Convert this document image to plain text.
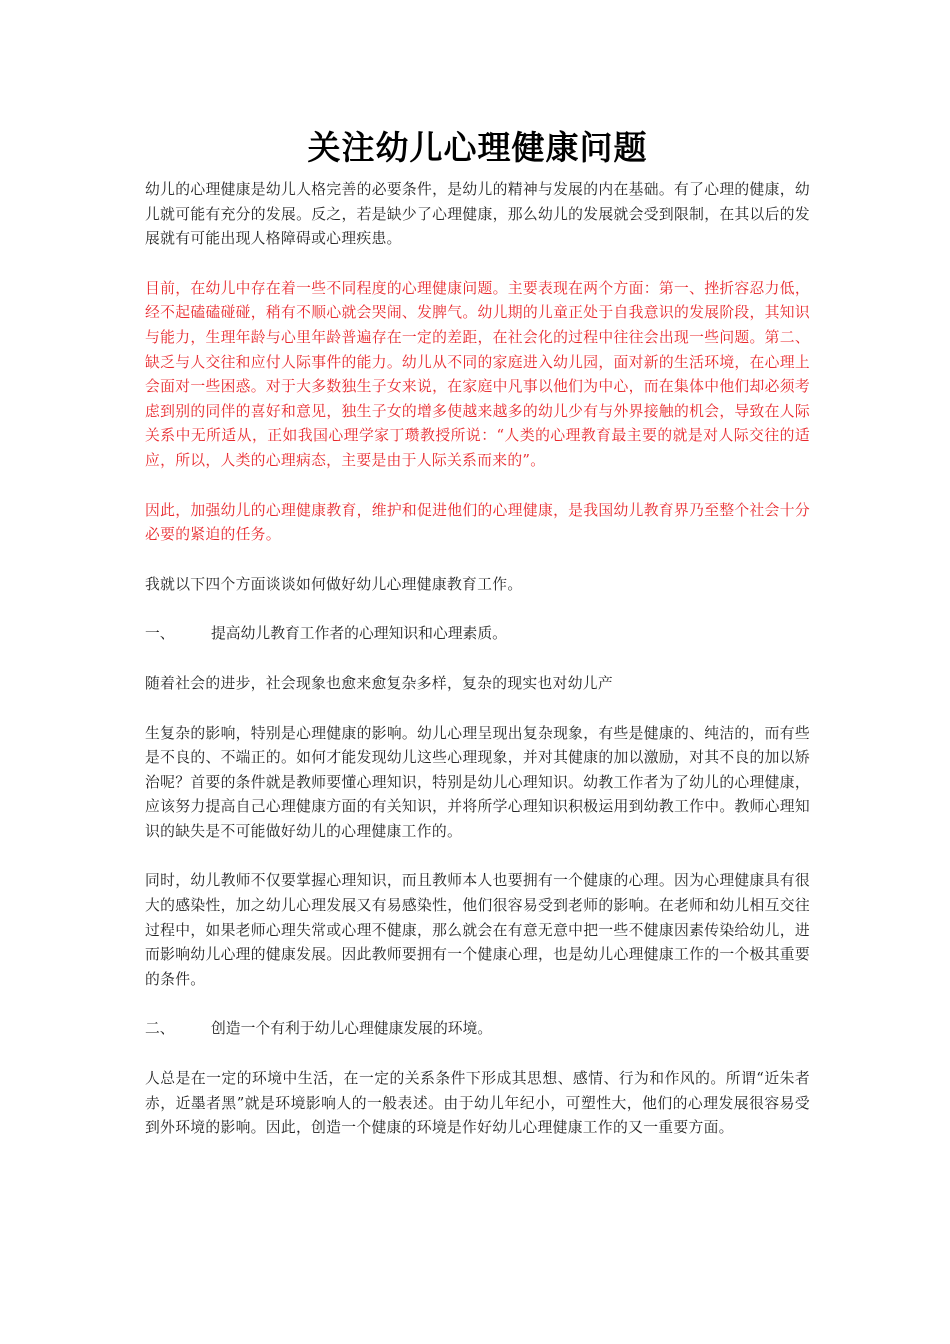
关注幼儿心理健康问题

幼儿的心理健康是幼儿人格完善的必要条件，是幼儿的精神与发展的内在基础。有了心理的健康，幼儿就可能有充分的发展。反之，若是缺少了心理健康，那么幼儿的发展就会受到限制，在其以后的发展就有可能出现人格障碍或心理疾患。

目前，在幼儿中存在着一些不同程度的心理健康问题。主要表现在两个方面：第一、挫折容忍力低，经不起磕磕碰碰，稍有不顺心就会哭闹、发脾气。幼儿期的儿童正处于自我意识的发展阶段，其知识与能力，生理年龄与心里年龄普遍存在一定的差距，在社会化的过程中往往会出现一些问题。第二、缺乏与人交往和应付人际事件的能力。幼儿从不同的家庭进入幼儿园，面对新的生活环境，在心理上会面对一些困惑。对于大多数独生子女来说，在家庭中凡事以他们为中心，而在集体中他们却必须考虑到别的同伴的喜好和意见，独生子女的增多使越来越多的幼儿少有与外界接触的机会，导致在人际关系中无所适从，正如我国心理学家丁瓒教授所说：“人类的心理教育最主要的就是对人际交往的适应，所以，人类的心理病态，主要是由于人际关系而来的”。

因此，加强幼儿的心理健康教育，维护和促进他们的心理健康，是我国幼儿教育界乃至整个社会十分必要的紧迫的任务。

我就以下四个方面谈谈如何做好幼儿心理健康教育工作。

一、	提高幼儿教育工作者的心理知识和心理素质。

随着社会的进步，社会现象也愈来愈复杂多样，复杂的现实也对幼儿产

生复杂的影响，特别是心理健康的影响。幼儿心理呈现出复杂现象，有些是健康的、纯洁的，而有些是不良的、不端正的。如何才能发现幼儿这些心理现象，并对其健康的加以激励，对其不良的加以矫治呢？首要的条件就是教师要懂心理知识，特别是幼儿心理知识。幼教工作者为了幼儿的心理健康，应该努力提高自己心理健康方面的有关知识，并将所学心理知识积极运用到幼教工作中。教师心理知识的缺失是不可能做好幼儿的心理健康工作的。

同时，幼儿教师不仅要掌握心理知识，而且教师本人也要拥有一个健康的心理。因为心理健康具有很大的感染性，加之幼儿心理发展又有易感染性，他们很容易受到老师的影响。在老师和幼儿相互交往过程中，如果老师心理失常或心理不健康，那么就会在有意无意中把一些不健康因素传染给幼儿，进而影响幼儿心理的健康发展。因此教师要拥有一个健康心理，也是幼儿心理健康工作的一个极其重要的条件。

二、	创造一个有利于幼儿心理健康发展的环境。

人总是在一定的环境中生活，在一定的关系条件下形成其思想、感情、行为和作风的。所谓“近朱者赤，近墨者黑”就是环境影响人的一般表述。由于幼儿年纪小，可塑性大，他们的心理发展很容易受到外环境的影响。因此，创造一个健康的环境是作好幼儿心理健康工作的又一重要方面。
